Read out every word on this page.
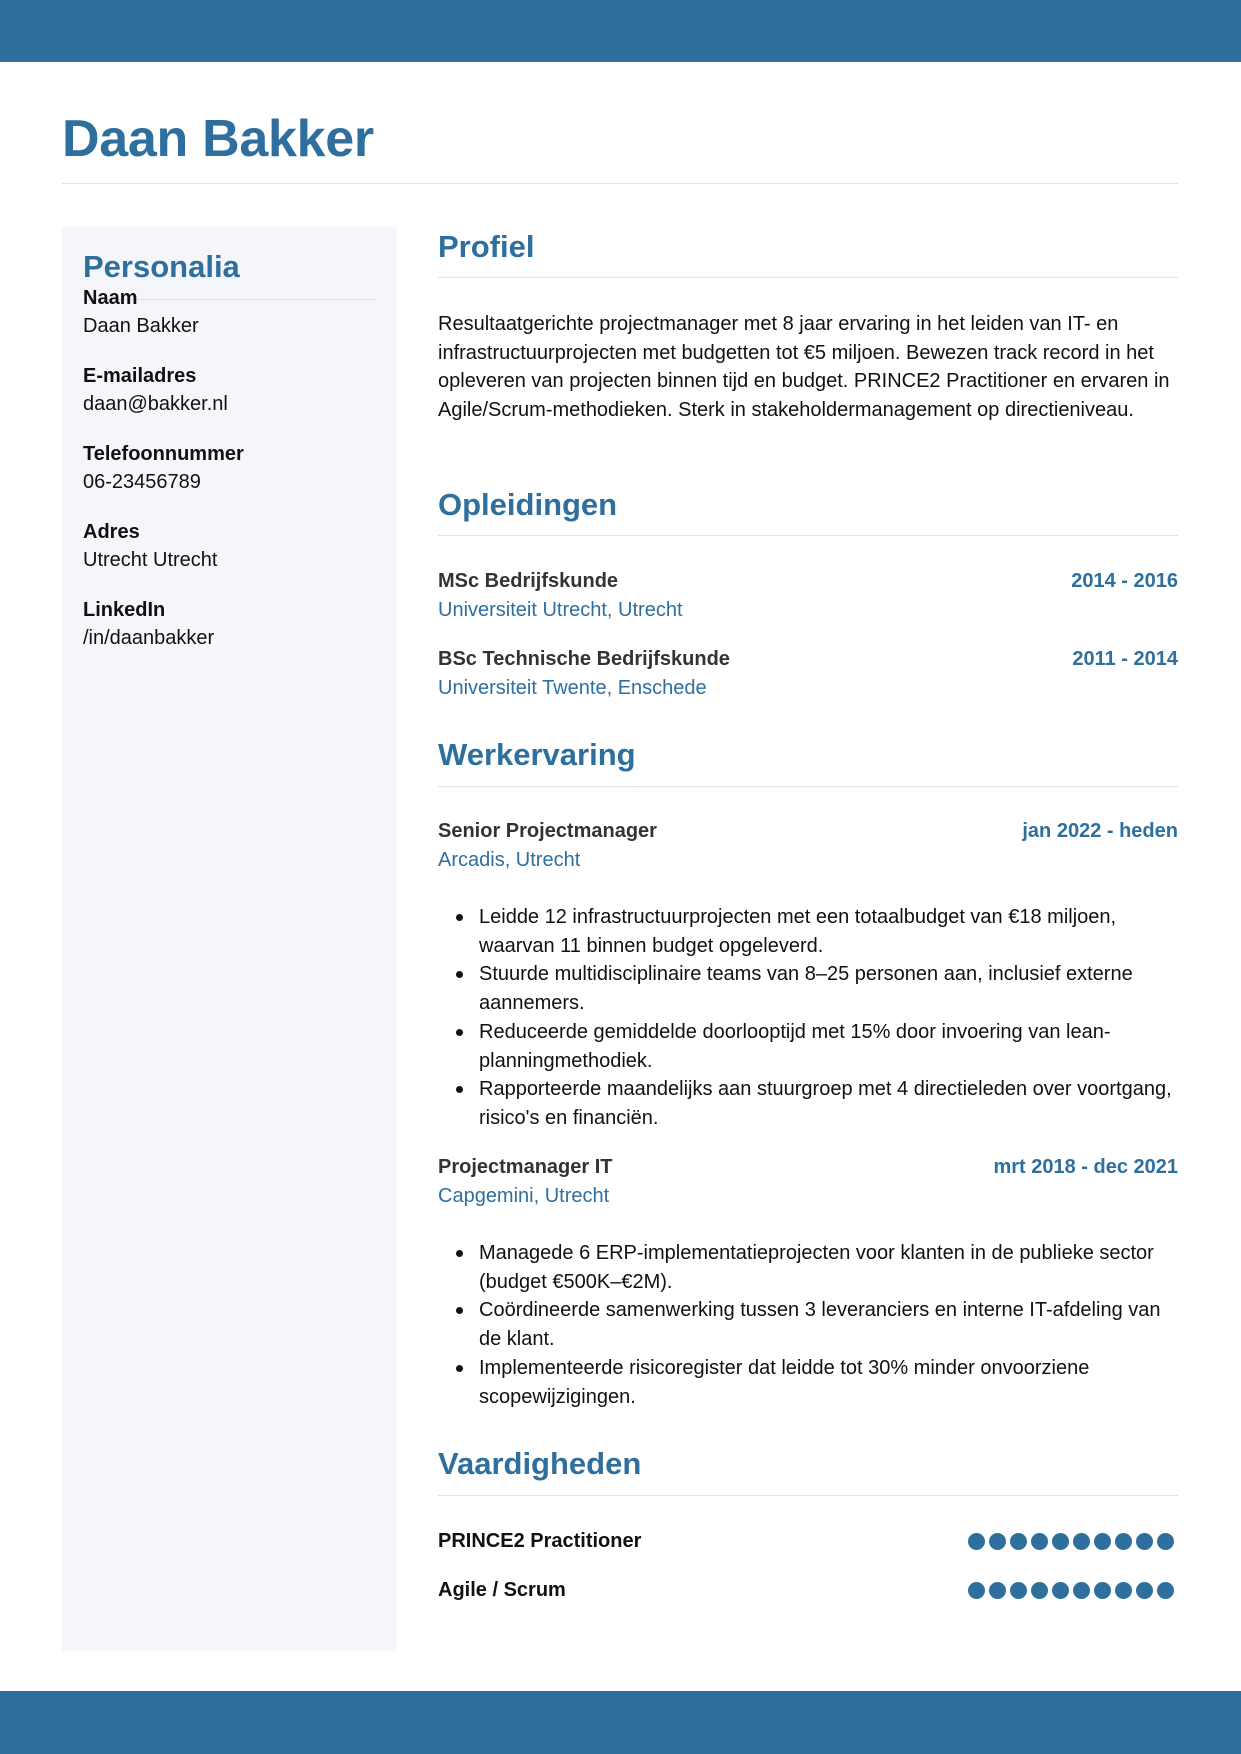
Daan Bakker
Personalia
Naam
Daan Bakker
E-mailadres
daan@bakker.nl
Telefoonnummer
06-23456789
Adres
Utrecht Utrecht
LinkedIn
/in/daanbakker
Profiel

Resultaatgerichte projectmanager met 8 jaar ervaring in het leiden van IT- en infrastructuurprojecten met budgetten tot €5 miljoen. Bewezen track record in het opleveren van projecten binnen tijd en budget. PRINCE2 Practitioner en ervaren in Agile/Scrum-methodieken. Sterk in stakeholdermanagement op directieniveau.

Opleidingen
MSc Bedrijfskunde	2014 - 2016
Universiteit Utrecht, Utrecht
BSc Technische Bedrijfskunde	2011 - 2014
Universiteit Twente, Enschede
Werkervaring
Senior Projectmanager	jan 2022 - heden
Arcadis, Utrecht
Leidde 12 infrastructuurprojecten met een totaalbudget van €18 miljoen, waarvan 11 binnen budget opgeleverd.
Stuurde multidisciplinaire teams van 8–25 personen aan, inclusief externe aannemers.
Reduceerde gemiddelde doorlooptijd met 15% door invoering van lean-planningmethodiek.
Rapporteerde maandelijks aan stuurgroep met 4 directieleden over voortgang, risico's en financiën.
Projectmanager IT	mrt 2018 - dec 2021
Capgemini, Utrecht
Managede 6 ERP-implementatieprojecten voor klanten in de publieke sector (budget €500K–€2M).
Coördineerde samenwerking tussen 3 leveranciers en interne IT-afdeling van de klant.
Implementeerde risicoregister dat leidde tot 30% minder onvoorziene scopewijzigingen.
Vaardigheden
PRINCE2 Practitioner
Agile / Scrum
